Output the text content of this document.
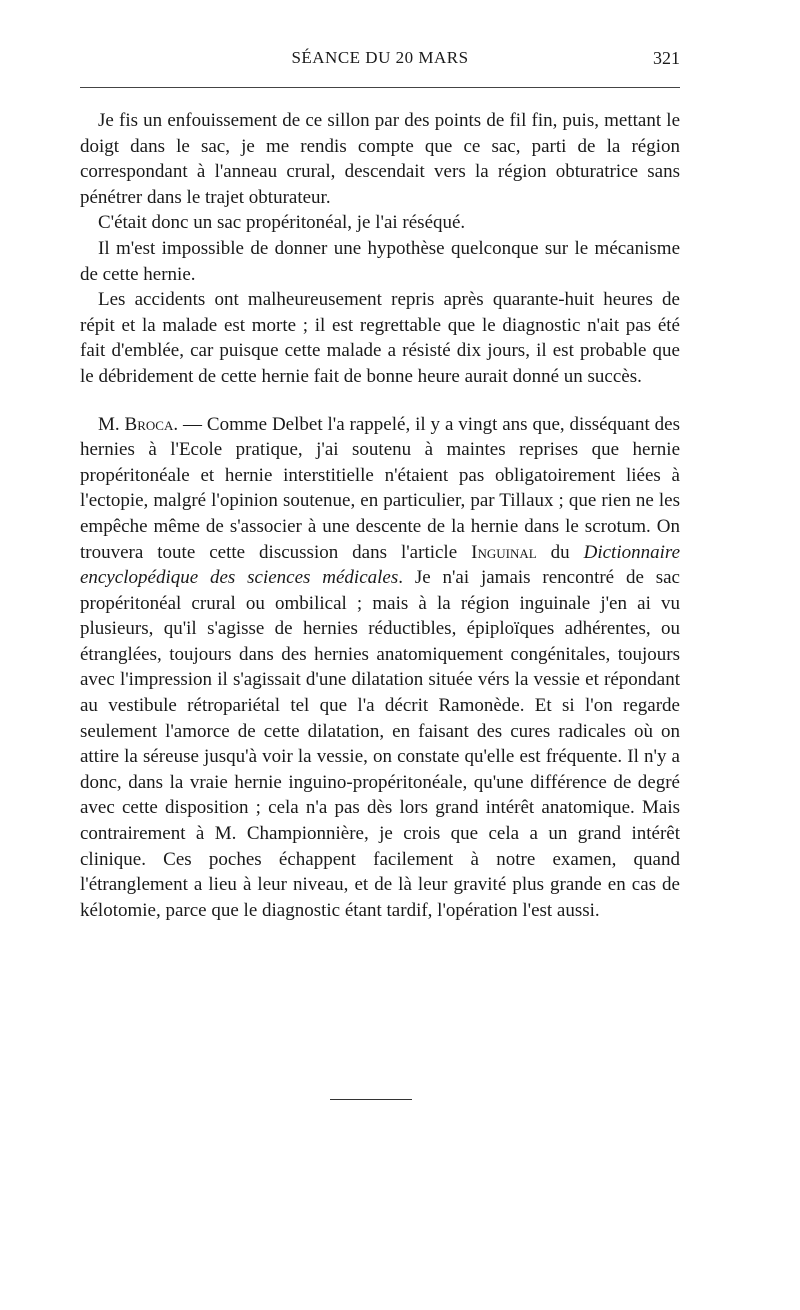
SÉANCE DU 20 MARS	321

Je fis un enfouissement de ce sillon par des points de fil fin, puis, mettant le doigt dans le sac, je me rendis compte que ce sac, parti de la région correspondant à l'anneau crural, descendait vers la région obturatrice sans pénétrer dans le trajet obturateur.

C'était donc un sac propéritonéal, je l'ai réséqué.

Il m'est impossible de donner une hypothèse quelconque sur le mécanisme de cette hernie.

Les accidents ont malheureusement repris après quarante-huit heures de répit et la malade est morte ; il est regrettable que le diagnostic n'ait pas été fait d'emblée, car puisque cette malade a résisté dix jours, il est probable que le débridement de cette hernie fait de bonne heure aurait donné un succès.

M. Broca. — Comme Delbet l'a rappelé, il y a vingt ans que, disséquant des hernies à l'Ecole pratique, j'ai soutenu à maintes reprises que hernie propéritonéale et hernie interstitielle n'étaient pas obligatoirement liées à l'ectopie, malgré l'opinion soutenue, en particulier, par Tillaux ; que rien ne les empêche même de s'associer à une descente de la hernie dans le scrotum. On trouvera toute cette discussion dans l'article Inguinal du Dictionnaire encyclopédique des sciences médicales. Je n'ai jamais rencontré de sac propéritonéal crural ou ombilical ; mais à la région inguinale j'en ai vu plusieurs, qu'il s'agisse de hernies réductibles, épiploïques adhérentes, ou étranglées, toujours dans des hernies anatomiquement congénitales, toujours avec l'impression il s'agissait d'une dilatation située vérs la vessie et répondant au vestibule rétropariétal tel que l'a décrit Ramonède. Et si l'on regarde seulement l'amorce de cette dilatation, en faisant des cures radicales où on attire la séreuse jusqu'à voir la vessie, on constate qu'elle est fréquente. Il n'y a donc, dans la vraie hernie inguino-propéritonéale, qu'une différence de degré avec cette disposition ; cela n'a pas dès lors grand intérêt anatomique. Mais contrairement à M. Championnière, je crois que cela a un grand intérêt clinique. Ces poches échappent facilement à notre examen, quand l'étranglement a lieu à leur niveau, et de là leur gravité plus grande en cas de kélotomie, parce que le diagnostic étant tardif, l'opération l'est aussi.
